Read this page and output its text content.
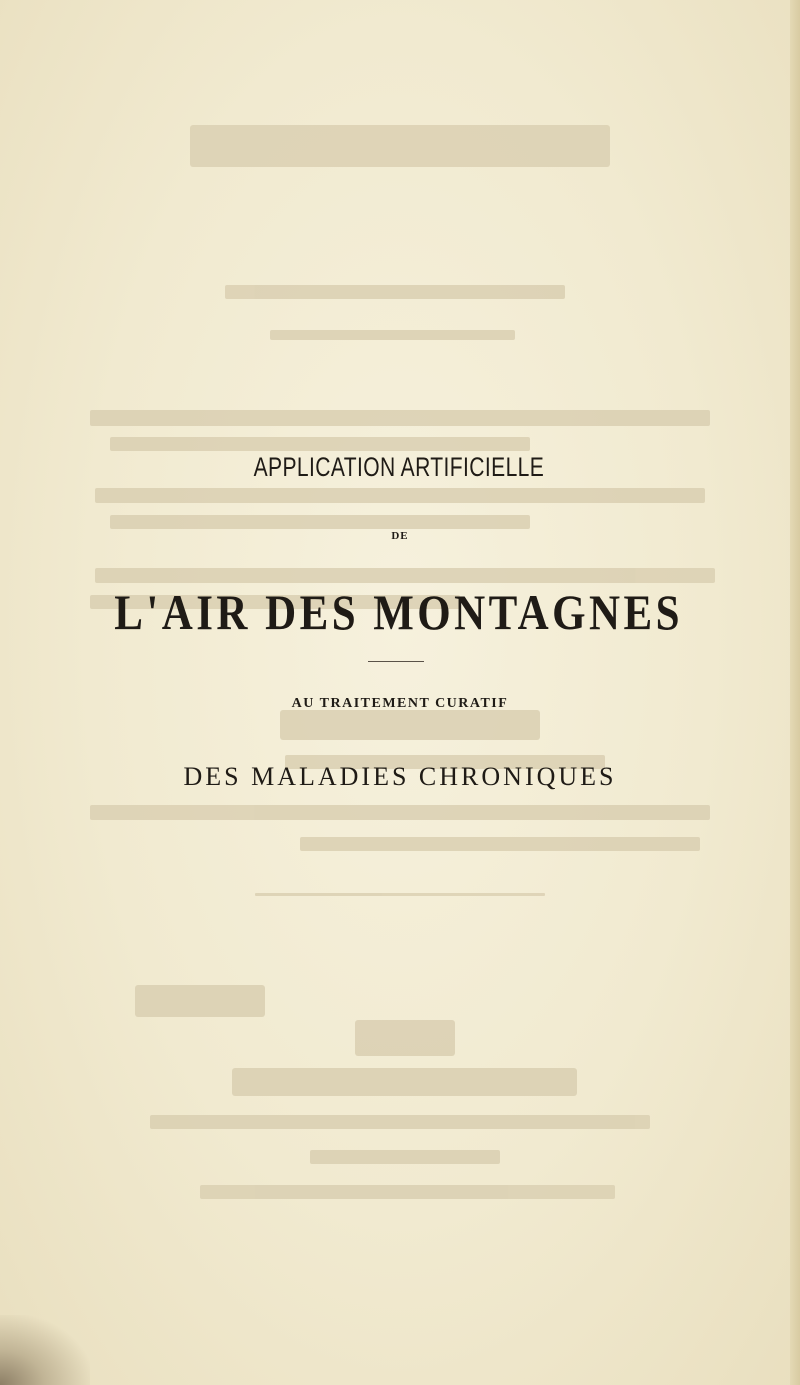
APPLICATION ARTIFICIELLE
DE
L'AIR DES MONTAGNES
AU TRAITEMENT CURATIF
DES MALADIES CHRONIQUES
